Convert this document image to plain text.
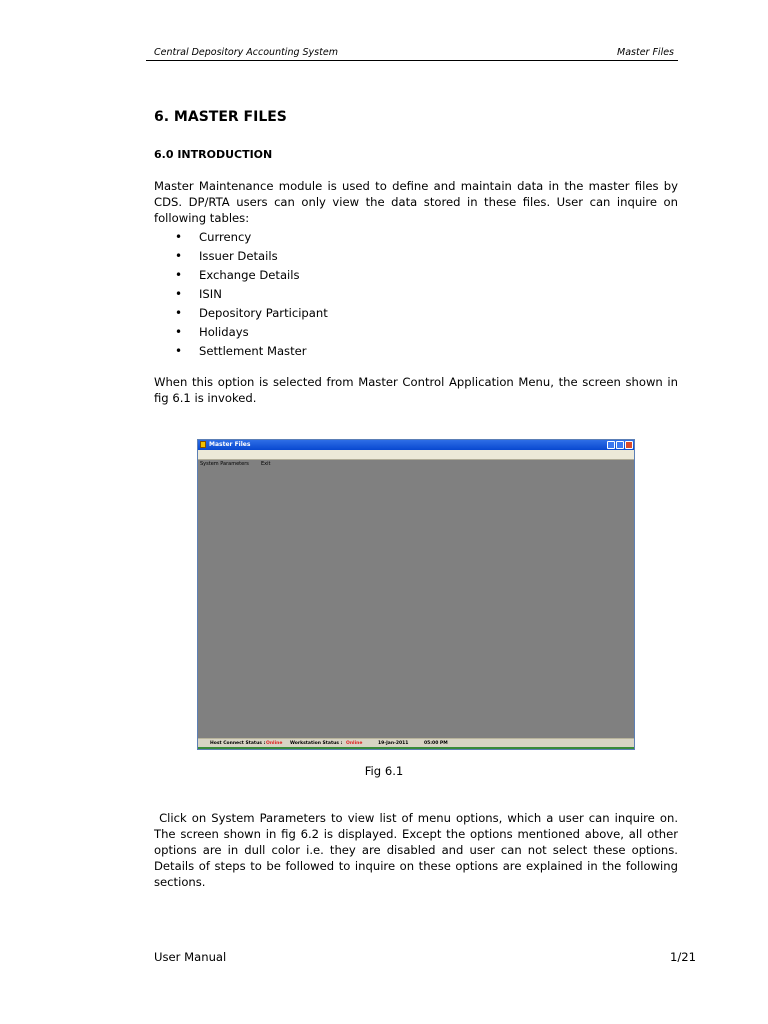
Central Depository Accounting System	Master Files
6. MASTER FILES
6.0 INTRODUCTION

Master Maintenance module is used to define and maintain data in the master files by CDS. DP/RTA users can only view the data stored in these files. User can inquire on following tables:

• Currency
• Issuer Details
• Exchange Details
• ISIN
• Depository Participant
• Holidays
• Settlement Master

When this option is selected from Master Control Application Menu, the screen shown in fig 6.1 is invoked.

Master Files
System Parameters Exit
Host Connect Status : Online Workstation Status : Online	19-Jan-2011	05:00 PM

Fig 6.1

Click on System Parameters to view list of menu options, which a user can inquire on. The screen shown in fig 6.2 is displayed. Except the options mentioned above, all other options are in dull color i.e. they are disabled and user can not select these options. Details of steps to be followed to inquire on these options are explained in the following sections.

User Manual	1/21
